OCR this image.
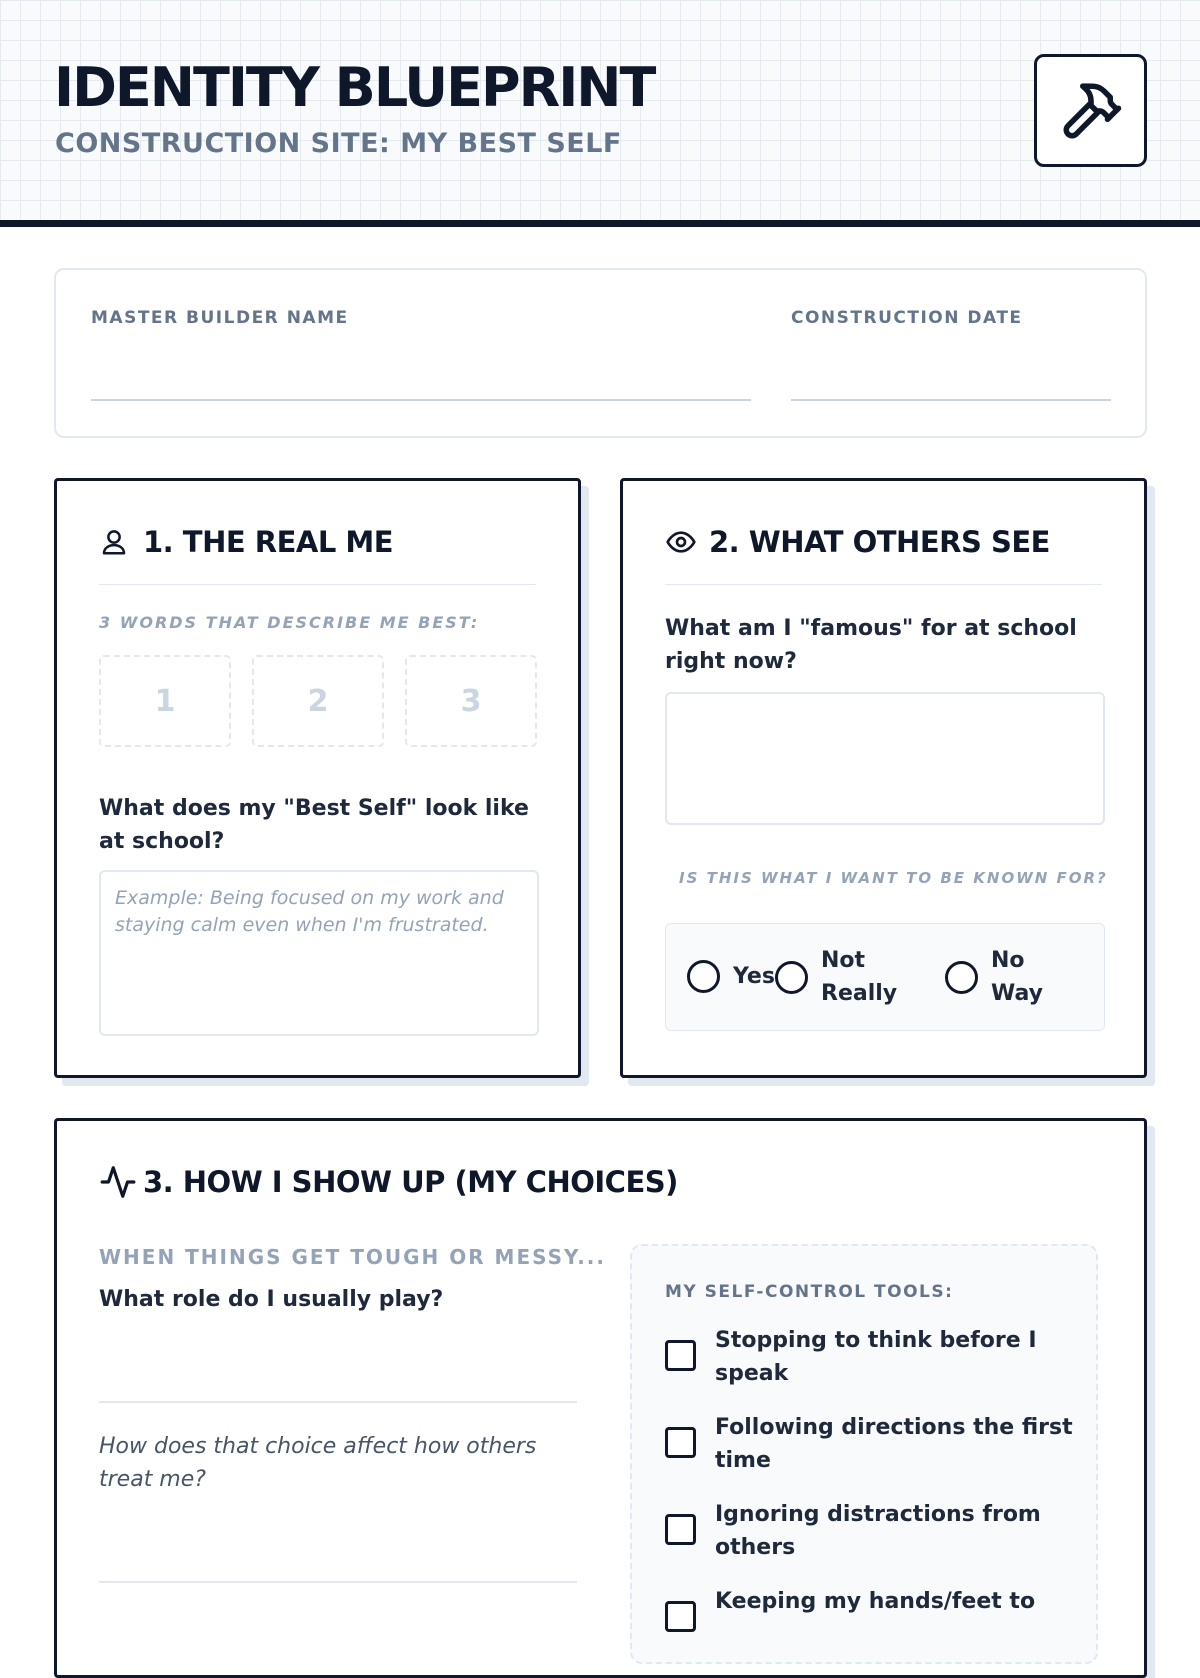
IDENTITY BLUEPRINT
CONSTRUCTION SITE: MY BEST SELF
MASTER BUILDER NAME	CONSTRUCTION DATE
1. THE REAL ME
3 WORDS THAT DESCRIBE ME BEST:
1	2	3
What does my "Best Self" look like at school?
Example: Being focused on my work and staying calm even when I'm frustrated.
2. WHAT OTHERS SEE
What am I "famous" for at school right now?
IS THIS WHAT I WANT TO BE KNOWN FOR?
Yes
Not Really
No Way
3. HOW I SHOW UP (MY CHOICES)
WHEN THINGS GET TOUGH OR MESSY...
What role do I usually play?
How does that choice affect how others treat me?
MY SELF-CONTROL TOOLS:
Stopping to think before I speak
Following directions the first time
Ignoring distractions from others
Keeping my hands/feet to
